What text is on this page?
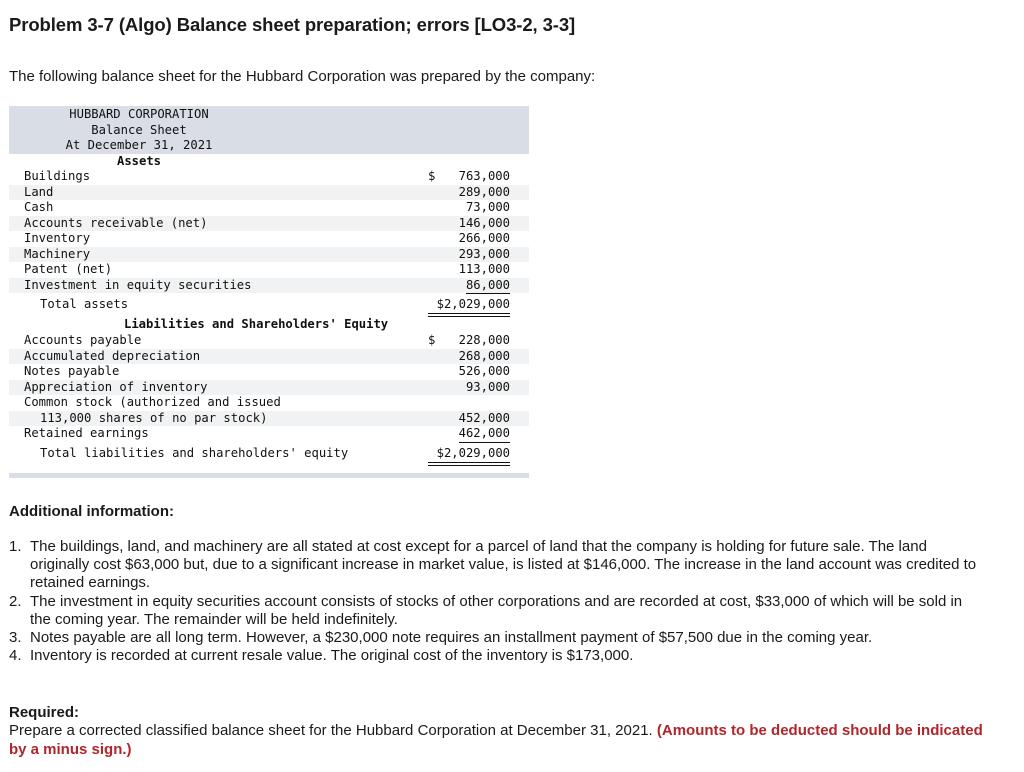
Problem 3-7 (Algo) Balance sheet preparation; errors [LO3-2, 3-3]
The following balance sheet for the Hubbard Corporation was prepared by the company:
HUBBARD CORPORATION
Balance Sheet
At December 31, 2021
Assets
Buildings	$ 763,000
Land	289,000
Cash	73,000
Accounts receivable (net)	146,000
Inventory	266,000
Machinery	293,000
Patent (net)	113,000
Investment in equity securities	86,000
Total assets	$2,029,000
Liabilities and Shareholders' Equity
Accounts payable	$ 228,000
Accumulated depreciation	268,000
Notes payable	526,000
Appreciation of inventory	93,000
Common stock (authorized and issued
113,000 shares of no par stock)	452,000
Retained earnings	462,000
Total liabilities and shareholders' equity	$2,029,000
Additional information:
1. The buildings, land, and machinery are all stated at cost except for a parcel of land that the company is holding for future sale. The land originally cost $63,000 but, due to a significant increase in market value, is listed at $146,000. The increase in the land account was credited to retained earnings.
2. The investment in equity securities account consists of stocks of other corporations and are recorded at cost, $33,000 of which will be sold in the coming year. The remainder will be held indefinitely.
3. Notes payable are all long term. However, a $230,000 note requires an installment payment of $57,500 due in the coming year.
4. Inventory is recorded at current resale value. The original cost of the inventory is $173,000.
Required:
Prepare a corrected classified balance sheet for the Hubbard Corporation at December 31, 2021. (Amounts to be deducted should be indicated by a minus sign.)
